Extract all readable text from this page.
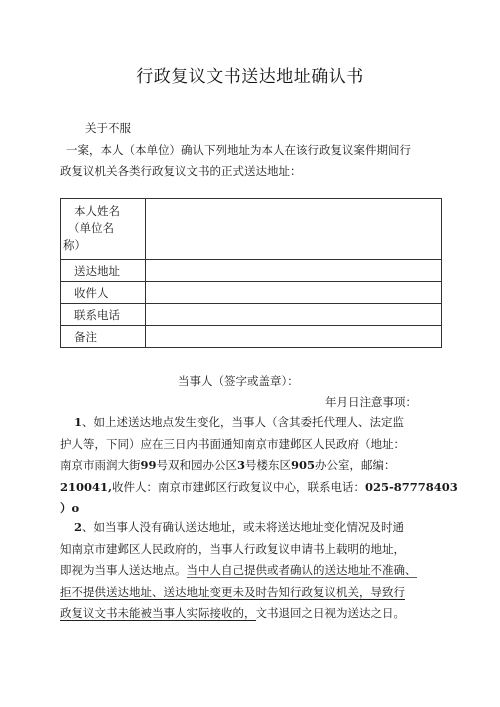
行政复议文书送达地址确认书
关于不服
一案，本人（本单位）确认下列地址为本人在该行政复议案件期间行
政复议机关各类行政复议文书的正式送达地址：
本人姓名
（单位名
称）	

送达地址	

收件人	

联系电话	

备注	

当事人（签字或盖章）：
年月日注意事项：
1、如上述送达地点发生变化，当事人（含其委托代理人、法定监
护人等，下同）应在三日内书面通知南京市建邺区人民政府（地址：
南京市雨润大街99号双和园办公区3号楼东区905办公室，邮编：
210041,收件人：南京市建邺区行政复议中心，联系电话：025-87778403
）o
2、如当事人没有确认送达地址，或未将送达地址变化情况及时通
知南京市建邺区人民政府的，当事人行政复议申请书上载明的地址，
即视为当事人送达地点。当中人自己提供或者确认的送达地址不准确、
拒不提供送达地址、送达地址变更未及时告知行政复议机关，导致行
政复议文书未能被当事人实际接收的，文书退回之日视为送达之日。
